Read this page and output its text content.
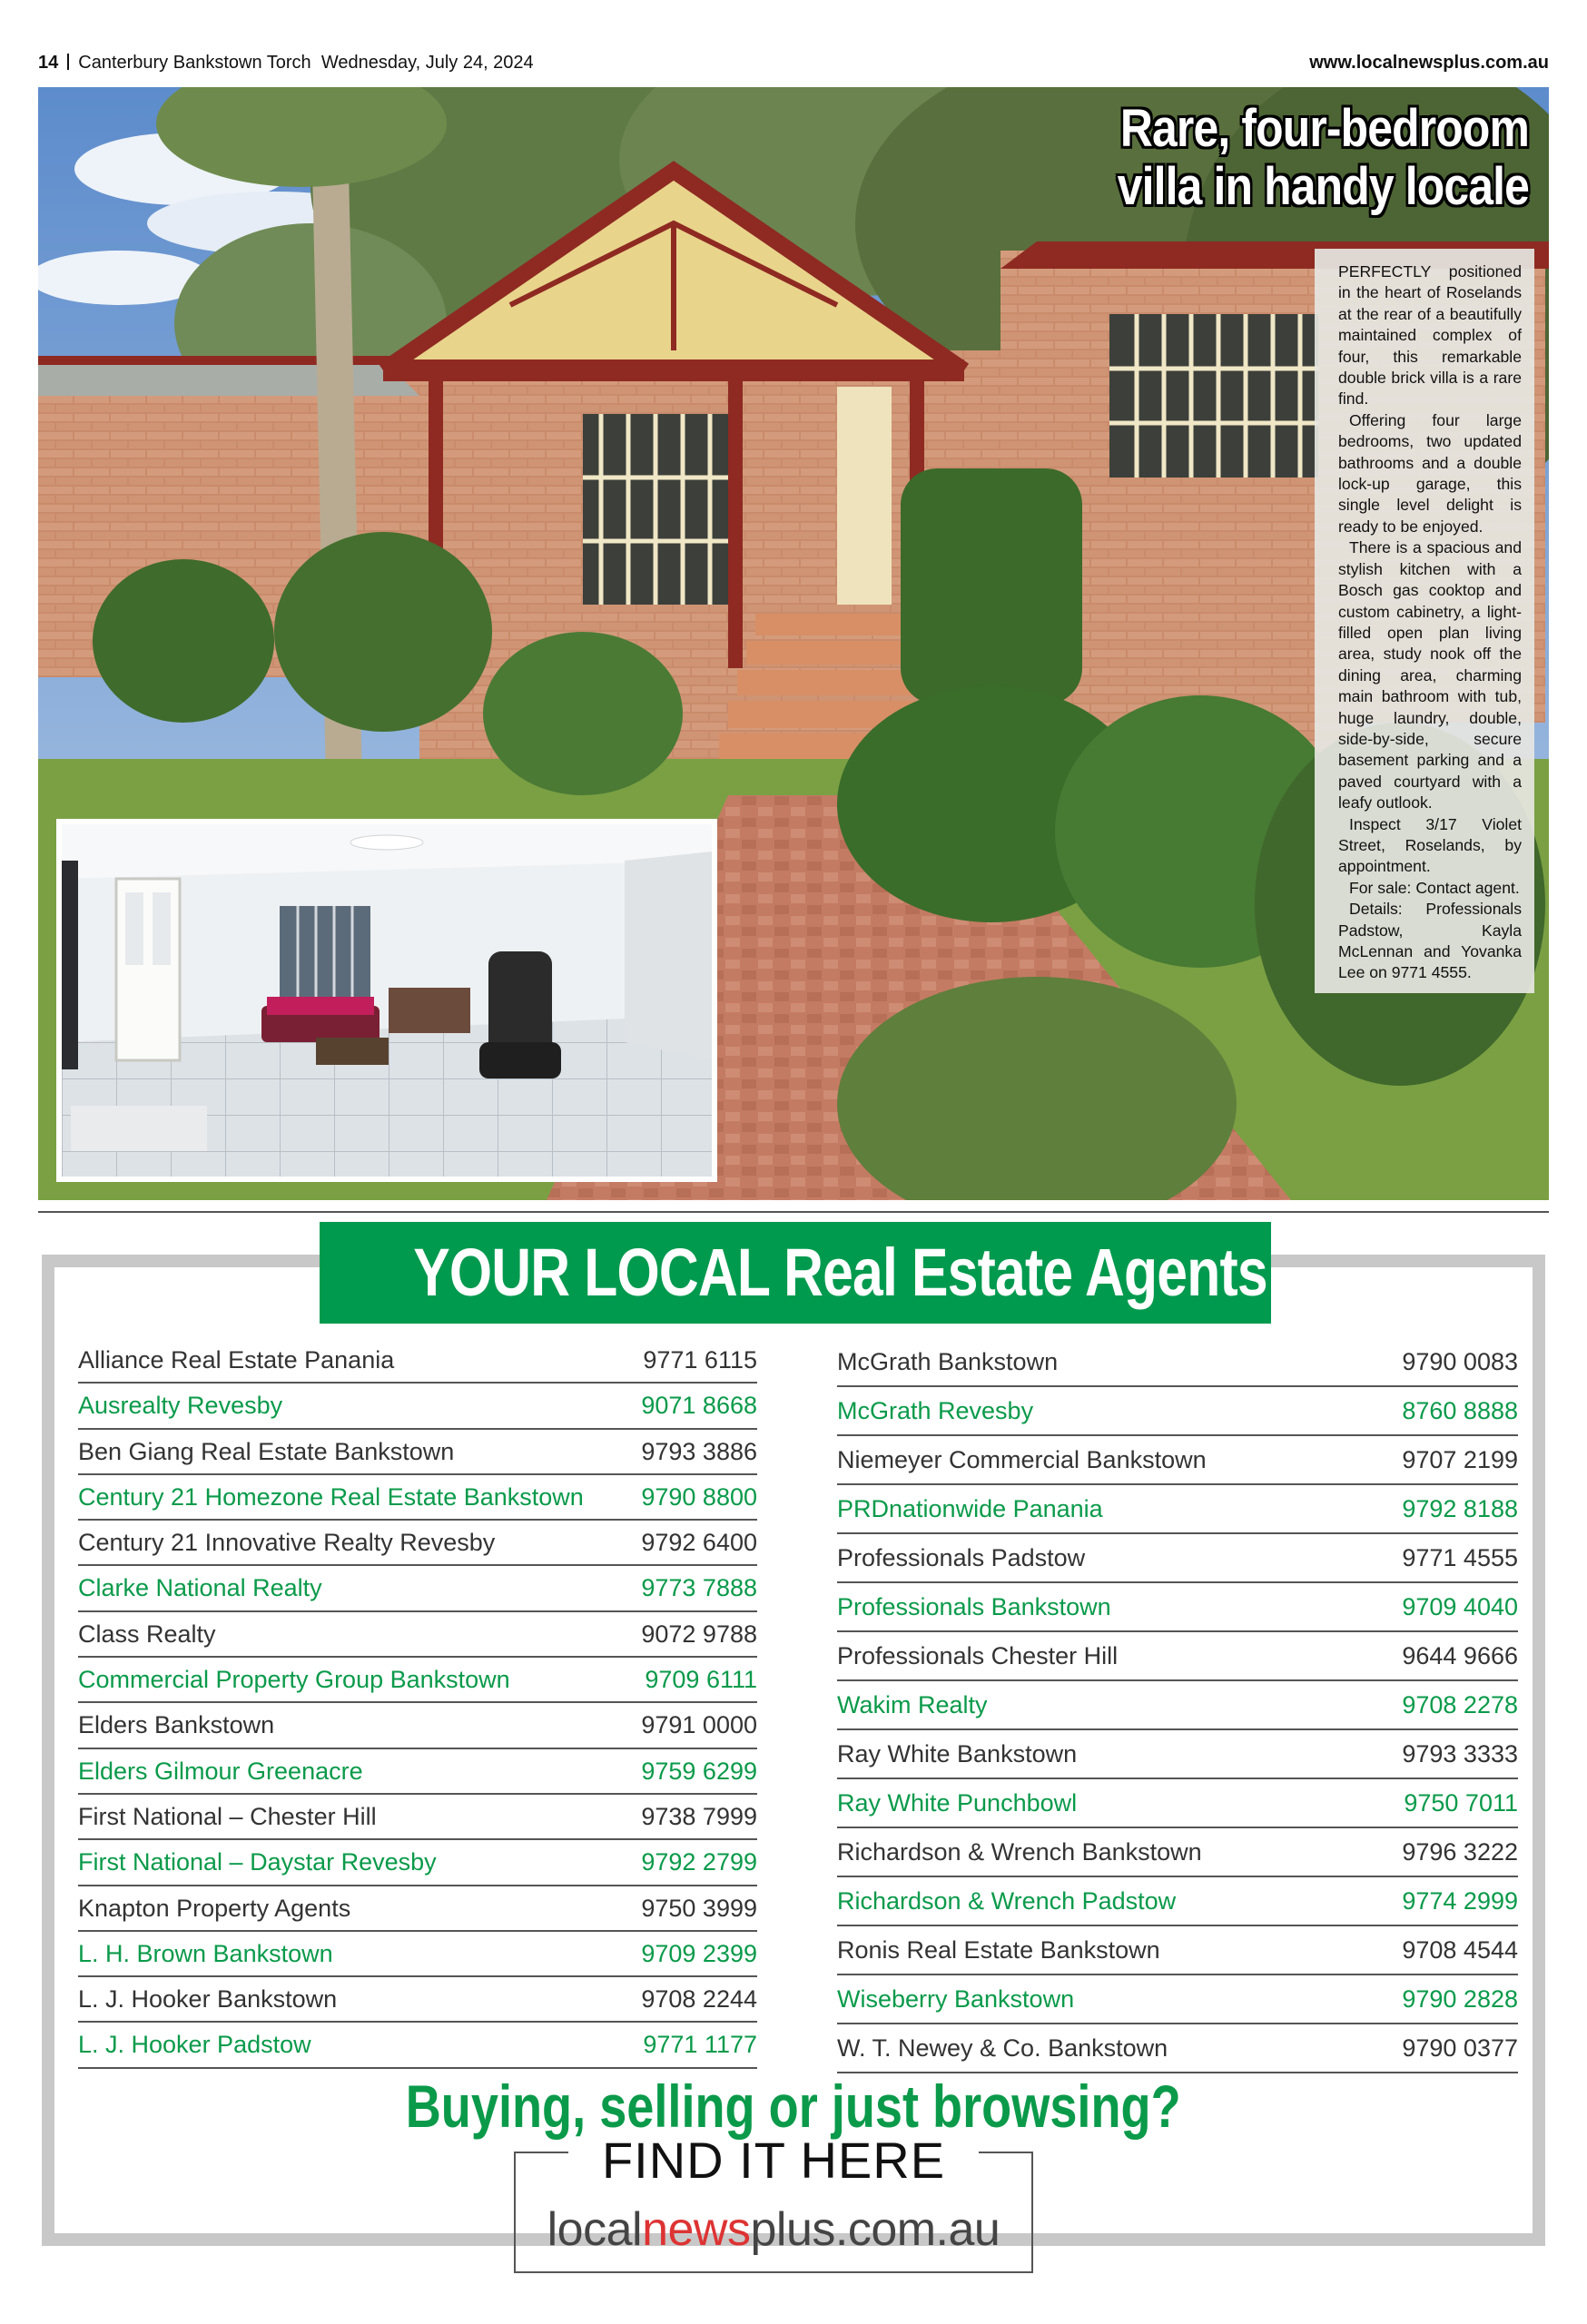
14 Canterbury Bankstown Torch Wednesday, July 24, 2024	www.localnewsplus.com.au
Rare, four-bedroom
villa in handy locale

PERFECTLY positioned in the heart of Roselands at the rear of a beautifully maintained complex of four, this remarkable double brick villa is a rare find.

Offering four large bedrooms, two updated bathrooms and a double lock-up garage, this single level delight is ready to be enjoyed.

There is a spacious and stylish kitchen with a Bosch gas cooktop and custom cabinetry, a light-filled open plan living area, study nook off the dining area, charming main bathroom with tub, huge laundry, double, side-by-side, secure basement parking and a paved courtyard with a leafy outlook.

Inspect 3/17 Violet Street, Roselands, by appointment.

For sale: Contact agent.

Details: Professionals Padstow, Kayla McLennan and Yovanka Lee on 9771 4555.

YOUR LOCAL Real Estate Agents
Alliance Real Estate Panania	9771 6115
Ausrealty Revesby	9071 8668
Ben Giang Real Estate Bankstown	9793 3886
Century 21 Homezone Real Estate Bankstown 9790 8800
Century 21 Innovative Realty Revesby	9792 6400
Clarke National Realty	9773 7888
Class Realty	9072 9788
Commercial Property Group Bankstown	9709 6111
Elders Bankstown	9791 0000
Elders Gilmour Greenacre	9759 6299
First National – Chester Hill	9738 7999
First National – Daystar Revesby	9792 2799
Knapton Property Agents	9750 3999
L. H. Brown Bankstown	9709 2399
L. J. Hooker Bankstown	9708 2244
L. J. Hooker Padstow	9771 1177
McGrath Bankstown	9790 0083
McGrath Revesby	8760 8888
Niemeyer Commercial Bankstown	9707 2199
PRDnationwide Panania	9792 8188
Professionals Padstow	9771 4555
Professionals Bankstown	9709 4040
Professionals Chester Hill	9644 9666
Wakim Realty	9708 2278
Ray White Bankstown	9793 3333
Ray White Punchbowl	9750 7011
Richardson & Wrench Bankstown	9796 3222
Richardson & Wrench Padstow	9774 2999
Ronis Real Estate Bankstown	9708 4544
Wiseberry Bankstown	9790 2828
W. T. Newey & Co. Bankstown	9790 0377
Buying, selling or just browsing?
FIND IT HERE
localnewsplus.com.au
